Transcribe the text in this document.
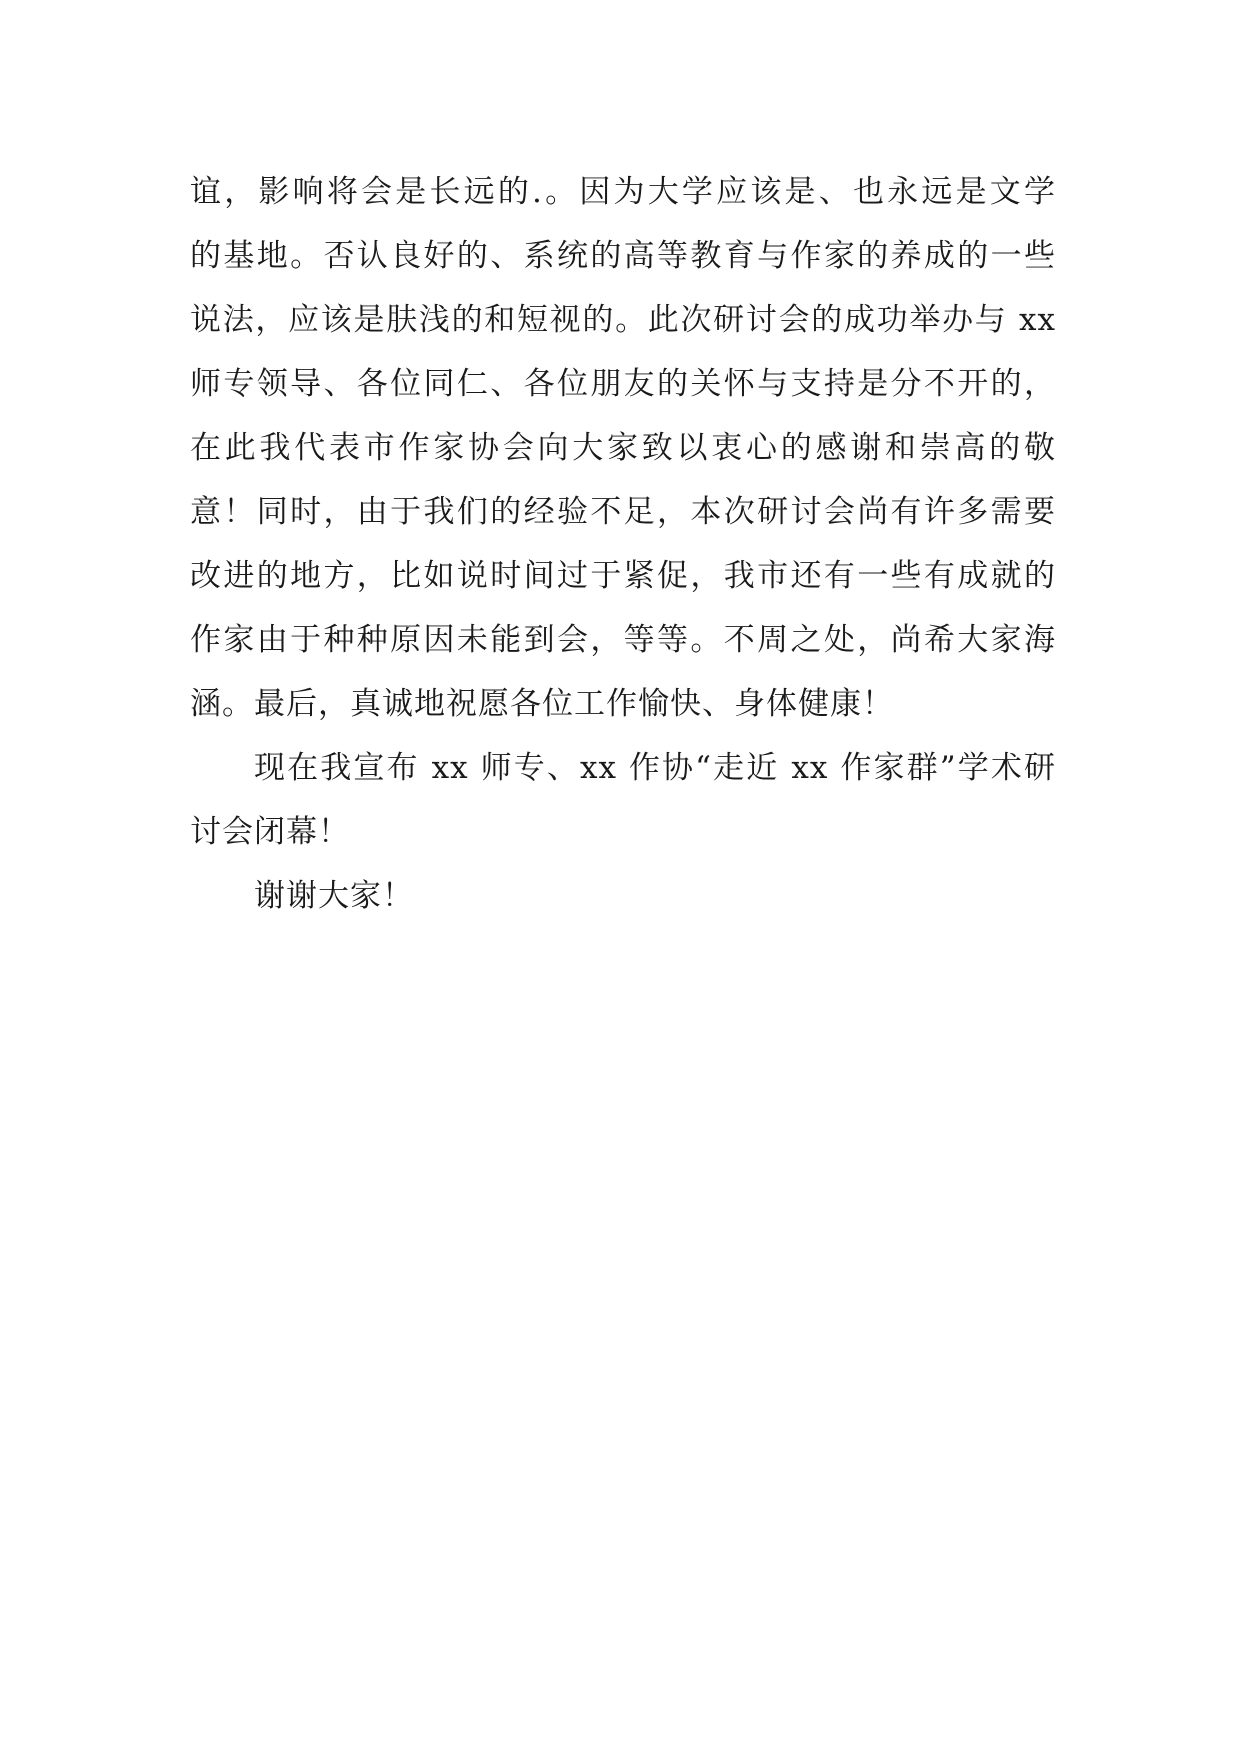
谊，影响将会是长远的.。因为大学应该是、也永远是文学
的基地。否认良好的、系统的高等教育与作家的养成的一些
说法，应该是肤浅的和短视的。此次研讨会的成功举办与 xx
师专领导、各位同仁、各位朋友的关怀与支持是分不开的，
在此我代表市作家协会向大家致以衷心的感谢和崇高的敬
意！同时，由于我们的经验不足，本次研讨会尚有许多需要
改进的地方，比如说时间过于紧促，我市还有一些有成就的
作家由于种种原因未能到会，等等。不周之处，尚希大家海
涵。最后，真诚地祝愿各位工作愉快、身体健康！
现在我宣布 xx 师专、xx 作协“走近 xx 作家群”学术研
讨会闭幕！
谢谢大家！
